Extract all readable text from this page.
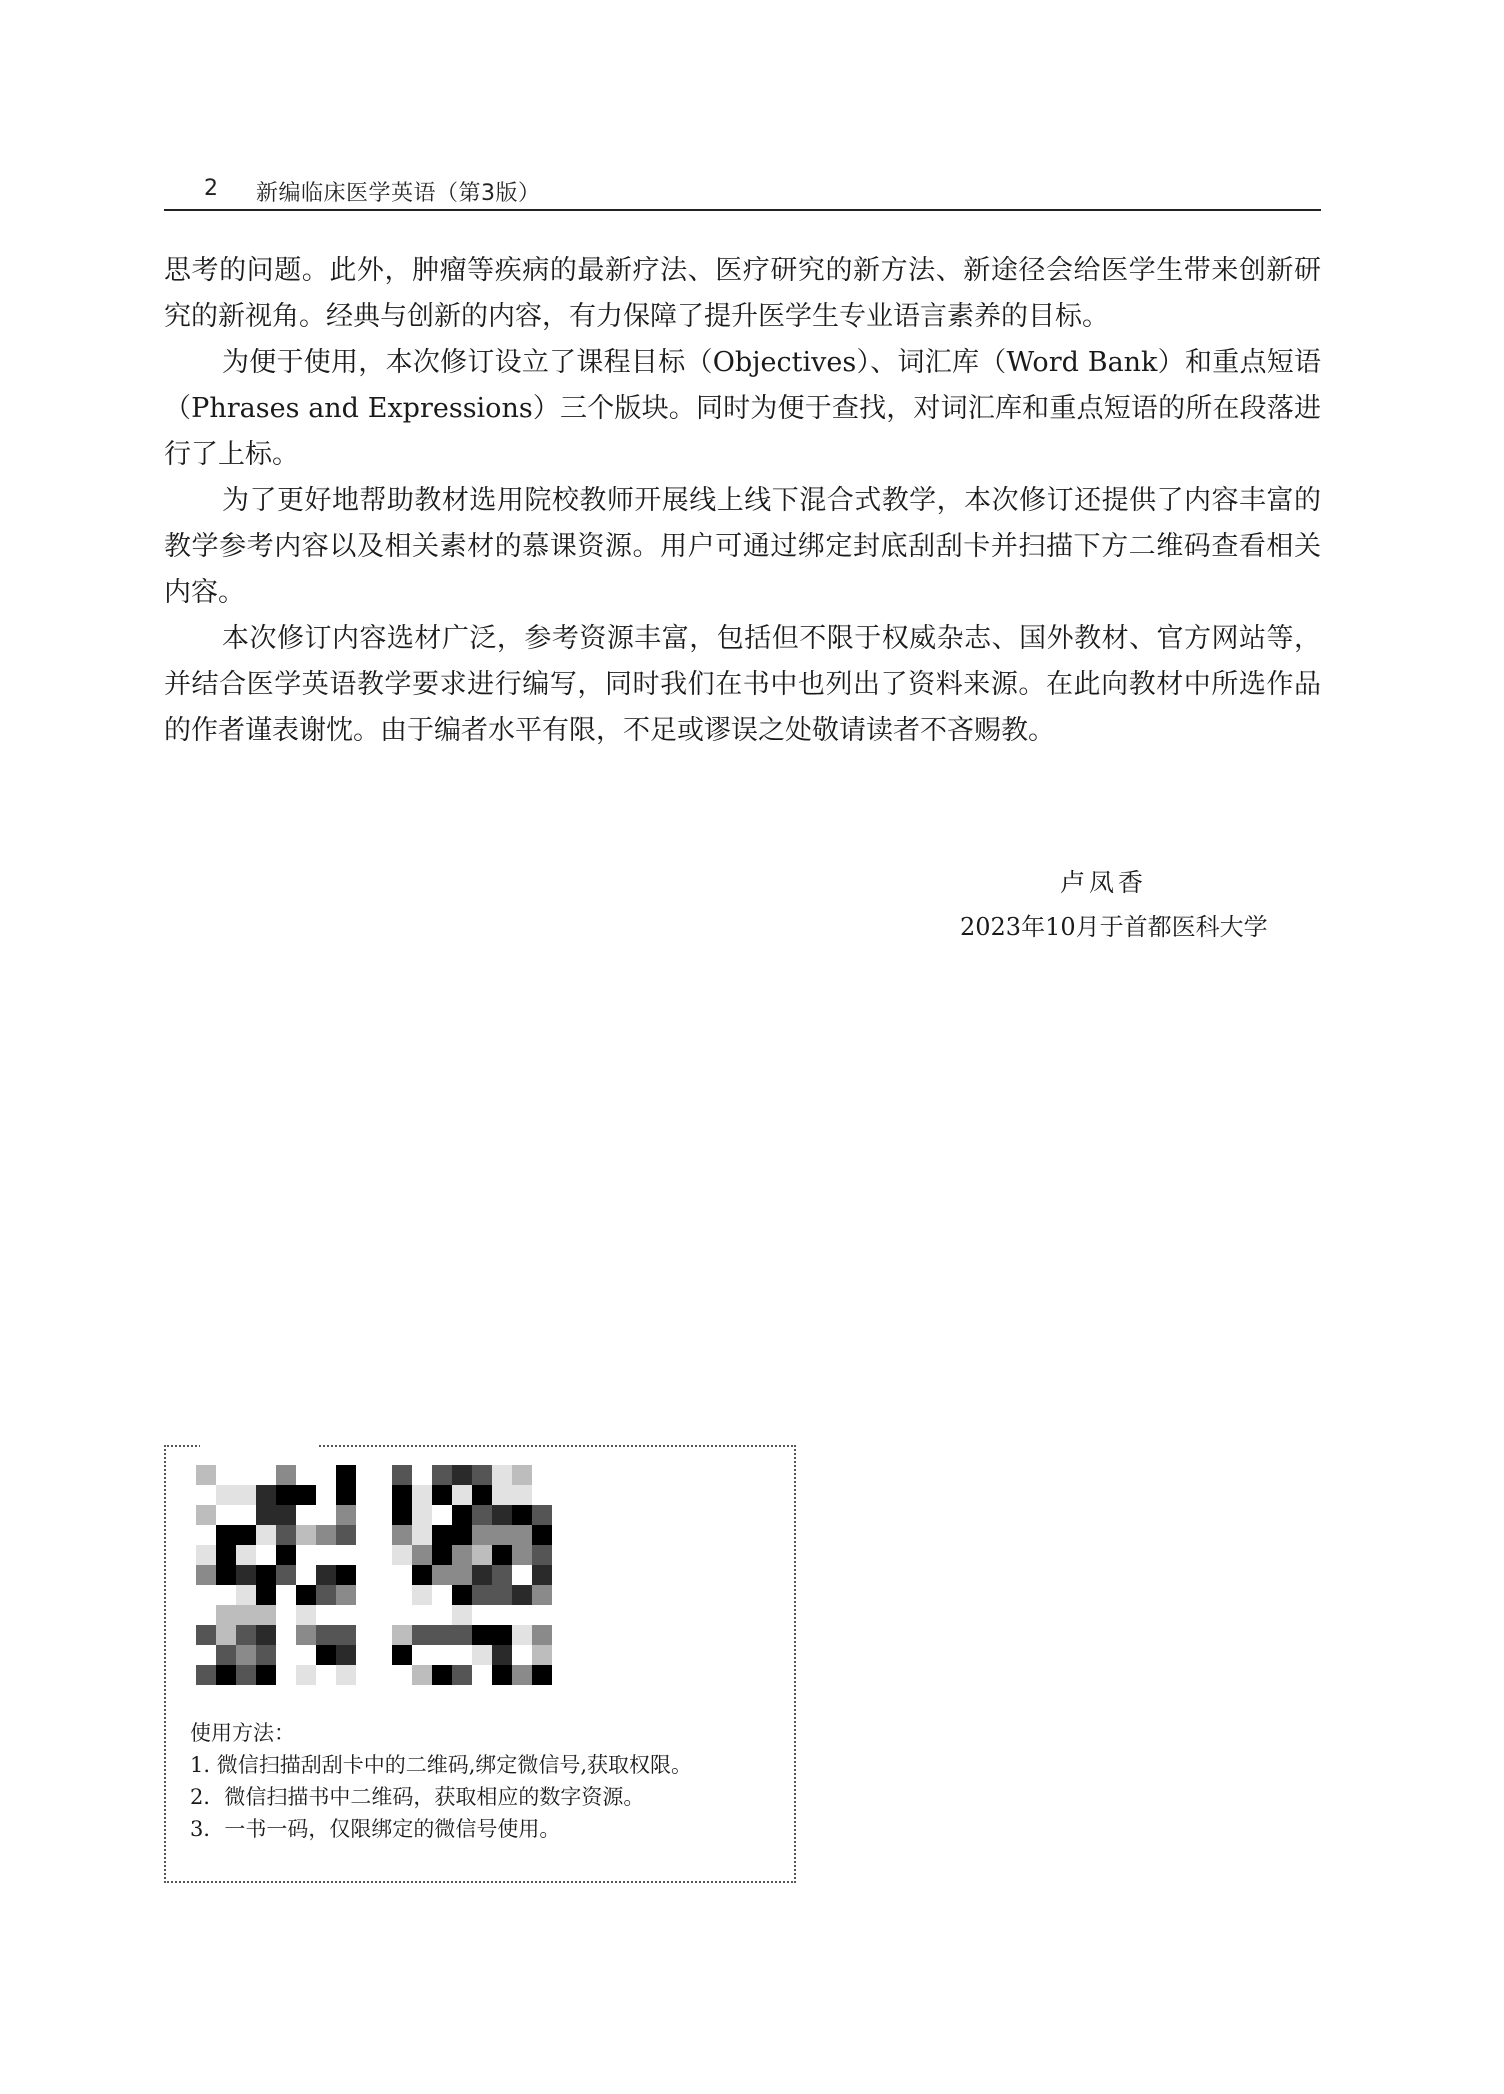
2 新编临床医学英语（第3版）

思考的问题。此外，肿瘤等疾病的最新疗法、医疗研究的新方法、新途径会给医学生带来创新研究的新视角。经典与创新的内容，有力保障了提升医学生专业语言素养的目标。

为便于使用，本次修订设立了课程目标（Objectives）、词汇库（Word Bank）和重点短语（Phrases and Expressions）三个版块。同时为便于查找，对词汇库和重点短语的所在段落进行了上标。

为了更好地帮助教材选用院校教师开展线上线下混合式教学，本次修订还提供了内容丰富的教学参考内容以及相关素材的慕课资源。用户可通过绑定封底刮刮卡并扫描下方二维码查看相关内容。

本次修订内容选材广泛，参考资源丰富，包括但不限于权威杂志、国外教材、官方网站等，并结合医学英语教学要求进行编写，同时我们在书中也列出了资料来源。在此向教材中所选作品的作者谨表谢忱。由于编者水平有限，不足或谬误之处敬请读者不吝赐教。

卢凤香
2023年10月于首都医科大学
使用方法：
1. 微信扫描刮刮卡中的二维码,绑定微信号,获取权限。
2．微信扫描书中二维码，获取相应的数字资源。
3．一书一码，仅限绑定的微信号使用。
